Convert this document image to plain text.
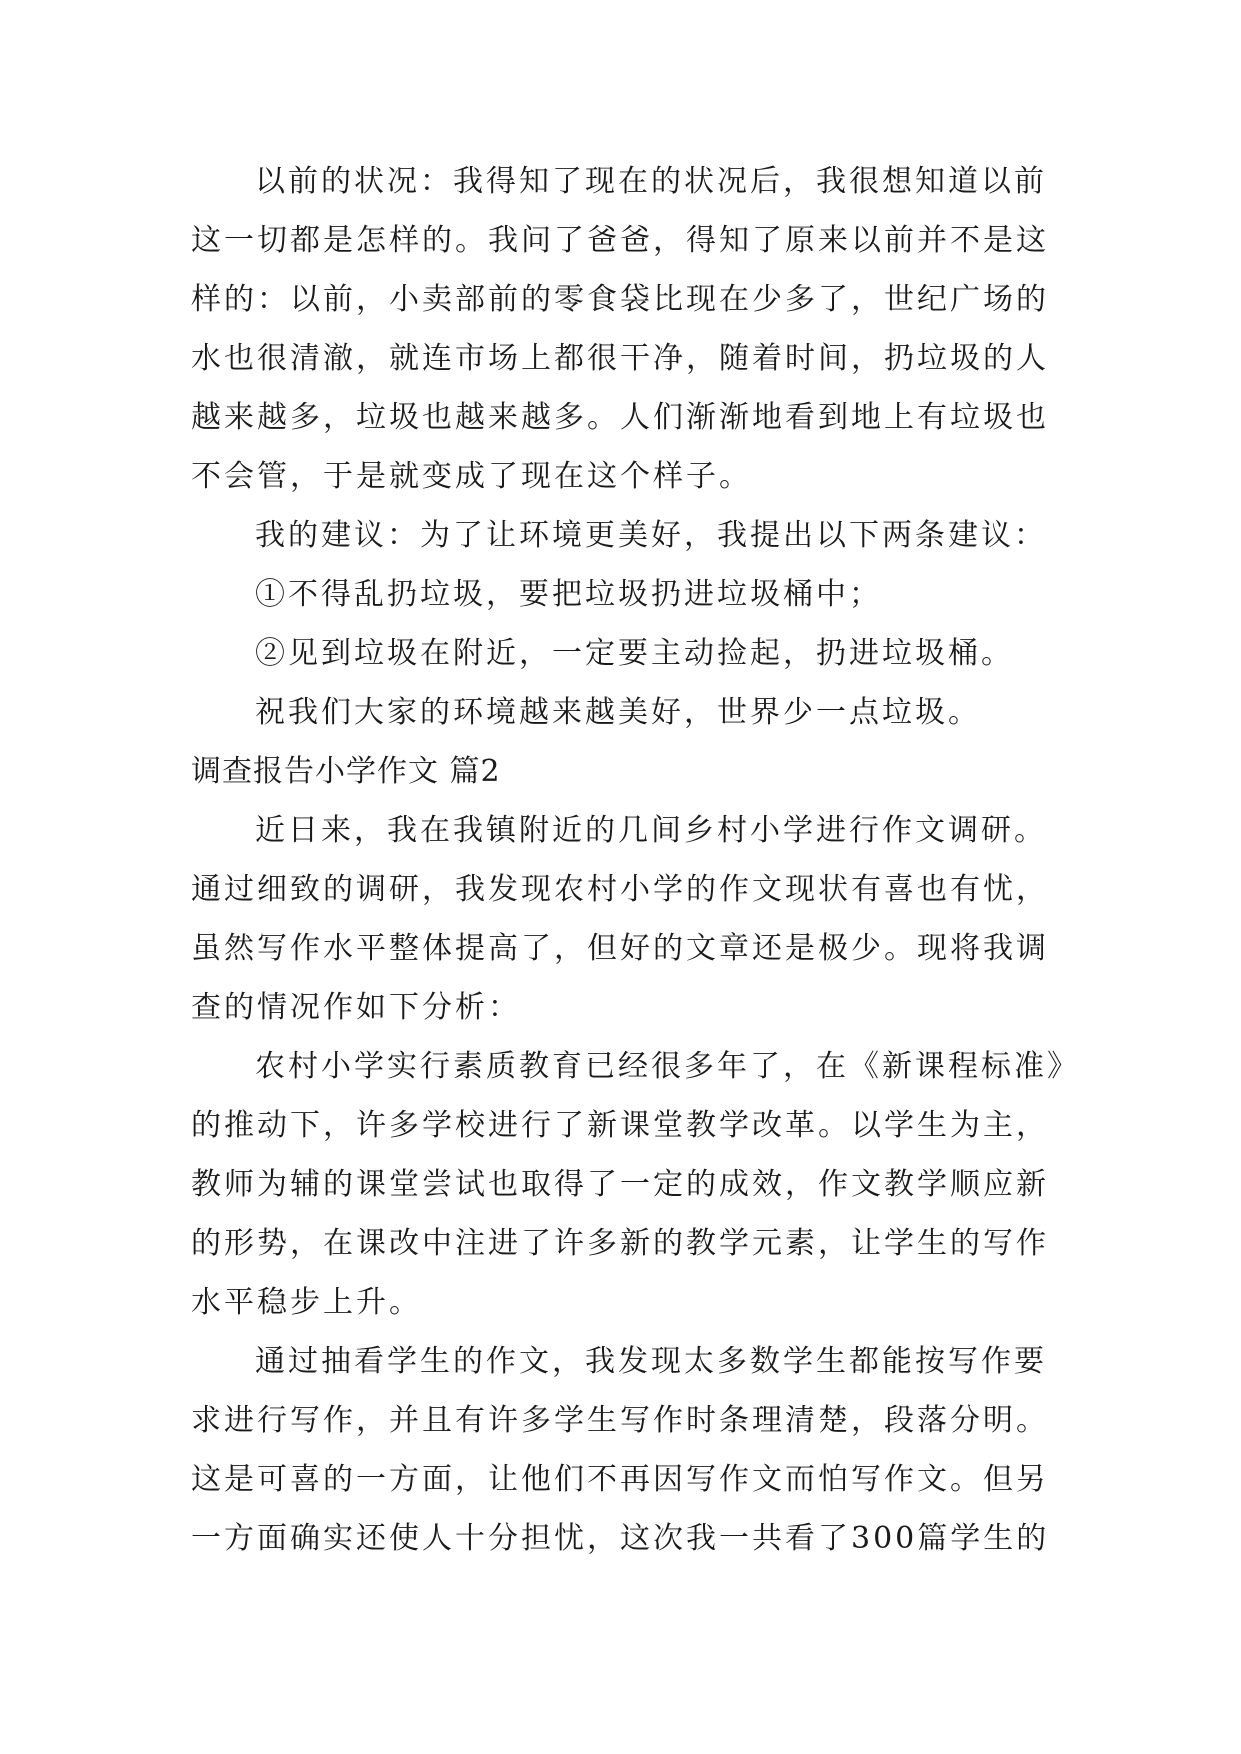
以前的状况：我得知了现在的状况后，我很想知道以前
这一切都是怎样的。我问了爸爸，得知了原来以前并不是这
样的：以前，小卖部前的零食袋比现在少多了，世纪广场的
水也很清澈，就连市场上都很干净，随着时间，扔垃圾的人
越来越多，垃圾也越来越多。人们渐渐地看到地上有垃圾也
不会管，于是就变成了现在这个样子。
我的建议：为了让环境更美好，我提出以下两条建议：
①不得乱扔垃圾，要把垃圾扔进垃圾桶中；
②见到垃圾在附近，一定要主动捡起，扔进垃圾桶。
祝我们大家的环境越来越美好，世界少一点垃圾。
调查报告小学作文 篇2
近日来，我在我镇附近的几间乡村小学进行作文调研。
通过细致的调研，我发现农村小学的作文现状有喜也有忧，
虽然写作水平整体提高了，但好的文章还是极少。现将我调
查的情况作如下分析：
农村小学实行素质教育已经很多年了，在《新课程标准》
的推动下，许多学校进行了新课堂教学改革。以学生为主，
教师为辅的课堂尝试也取得了一定的成效，作文教学顺应新
的形势，在课改中注进了许多新的教学元素，让学生的写作
水平稳步上升。
通过抽看学生的作文，我发现太多数学生都能按写作要
求进行写作，并且有许多学生写作时条理清楚，段落分明。
这是可喜的一方面，让他们不再因写作文而怕写作文。但另
一方面确实还使人十分担忧，这次我一共看了300篇学生的
